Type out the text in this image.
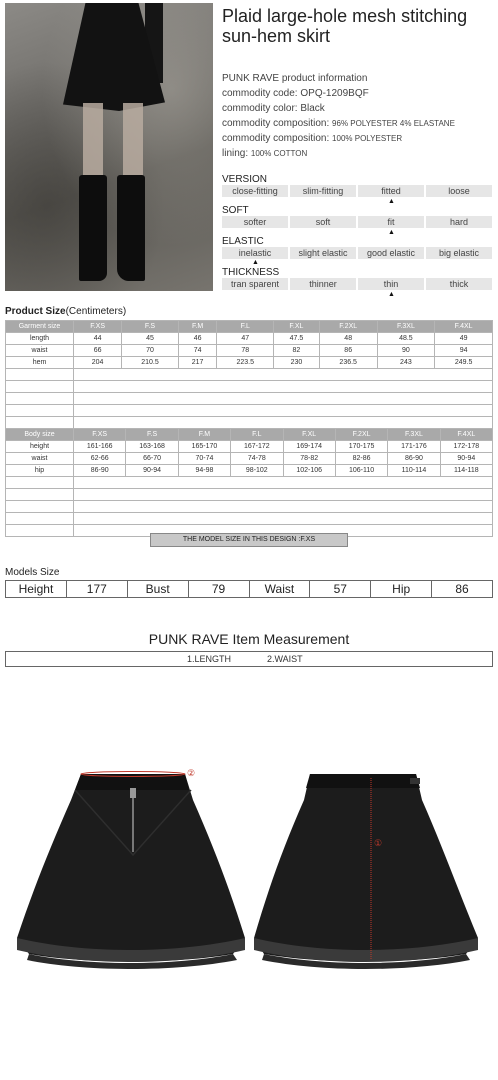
Plaid large-hole mesh stitching sun-hem skirt
PUNK RAVE product information
commodity code: OPQ-1209BQF
commodity color: Black
commodity composition: 96% POLYESTER 4% ELASTANE
commodity composition: 100% POLYESTER
lining: 100% COTTON
VERSION
close-fitting	slim-fitting	fitted	loose
▲
SOFT
softer	soft	fit	hard
▲
ELASTIC
inelastic	slight elastic	good elastic	big elastic
▲
THICKNESS
tran sparent	thinner	thin	thick
▲
Product Size(Centimeters)
Garment size	F.XS	F.S	F.M	F.L	F.XL	F.2XL	F.3XL	F.4XL
length	44	45	46	47	47.5	48	48.5	49
waist	66	70	74	78	82	86	90	94
hem	204	210.5	217	223.5	230	236.5	243	249.5

Body size	F.XS	F.S	F.M	F.L	F.XL	F.2XL	F.3XL	F.4XL
height	161-166	163-168	165-170	167-172	169-174	170-175	171-176	172-178
waist	62-66	66-70	70-74	74-78	78-82	82-86	86-90	90-94
hip	86-90	90-94	94-98	98-102	102-106	106-110	110-114	114-118

THE MODEL SIZE IN THIS DESIGN :F.XS
Models Size
Height	177	Bust	79	Waist	57	Hip	86
PUNK RAVE Item Measurement
1.LENGTH	2.WAIST
②
①
